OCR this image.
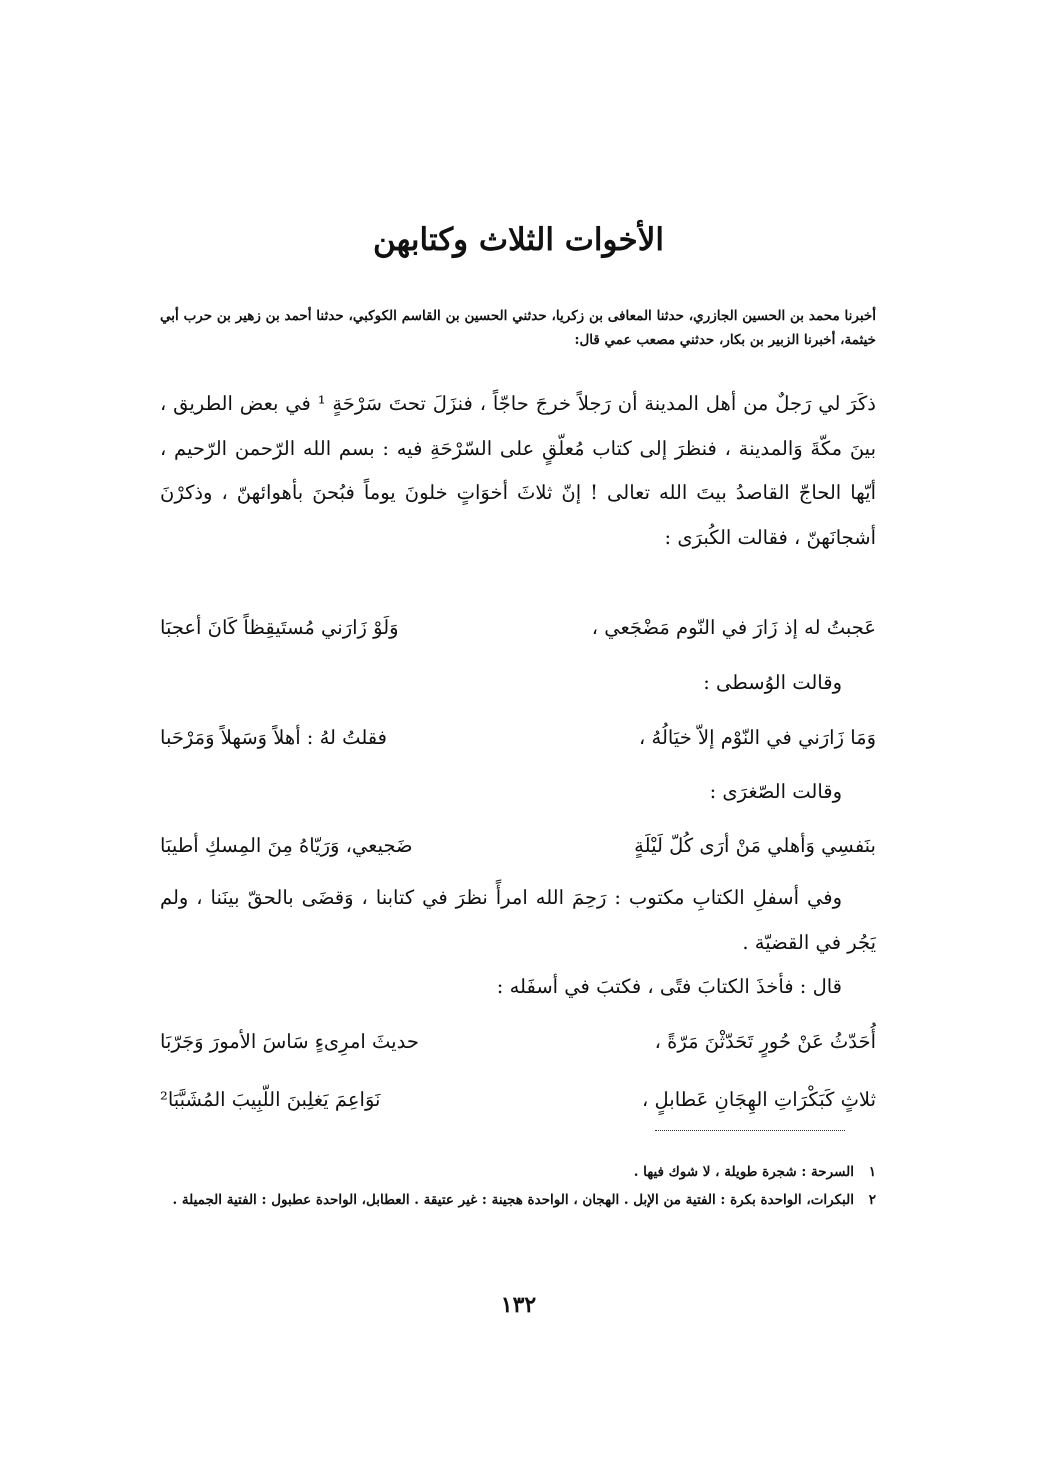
الأخوات الثلاث وكتابهن
أخبرنا محمد بن الحسين الجازري، حدثنا المعافى بن زكريا، حدثني الحسين بن القاسم الكوكبي، حدثنا أحمد بن زهير بن حرب أبي خيثمة، أخبرنا الزبير بن بكار، حدثني مصعب عمي قال:
ذكَرَ لي رَجلٌ من أهل المدينة أن رَجلاً خرجَ حاجّاً ، فنزَلَ تحتَ سَرْحَةٍ ¹ في بعض الطريق ، بينَ مكّةَ وَالمدينة ، فنظرَ إلى كتاب مُعلّقٍ على السّرْحَةِ فيه : بسم الله الرّحمن الرّحيم ، أيّها الحاجّ القاصدُ بيتَ الله تعالى ! إنّ ثلاثَ أخوَاتٍ خلونَ يوماً فبُحنَ بأهوائهنّ ، وذكرْنَ أشجانَهنّ ، فقالت الكُبرَى :
عَجبتُ له إذ زَارَ في النّوم مَضْجَعي ،
وَلَوْ زَارَني مُستَيقِظاً كَانَ أعجبَا
وقالت الوُسطى :
وَمَا زَارَني في النّوْم إلاّ خيَالُهُ ،
فقلتُ لهُ : أهلاً وَسَهلاً وَمَرْحَبا
وقالت الصّغرَى :
بنَفسِي وَأهلي مَنْ أرَى كُلّ لَيْلَةٍ
ضَجيعي، وَرَيّاهُ مِنَ المِسكِ أطيبَا
وفي أسفلِ الكتابِ مكتوب : رَحِمَ الله امرأً نظرَ في كتابنا ، وَقضَى بالحقّ بينَنا ، ولم يَجُر في القضيّة .
قال : فأخذَ الكتابَ فتًى ، فكتبَ في أسفَله :
أُحَدّثُ عَنْ حُورٍ تَحَدّثْنَ مَرّةً ،
حديثَ امرِىءٍ سَاسَ الأمورَ وَجَرّبَا
ثلاثٍ كَبَكْرَاتِ الهِجَانِ عَطابلٍ ،
نَوَاعِمَ يَغلِبنَ اللّبِيبَ المُشَبَّبَا²
١
السرحة : شجرة طويلة ، لا شوك فيها .
٢
البكرات، الواحدة بكرة : الفتية من الإبل . الهجان ، الواحدة هجينة : غير عتيقة . العطابل، الواحدة عطبول : الفتية الجميلة .
١٣٢
